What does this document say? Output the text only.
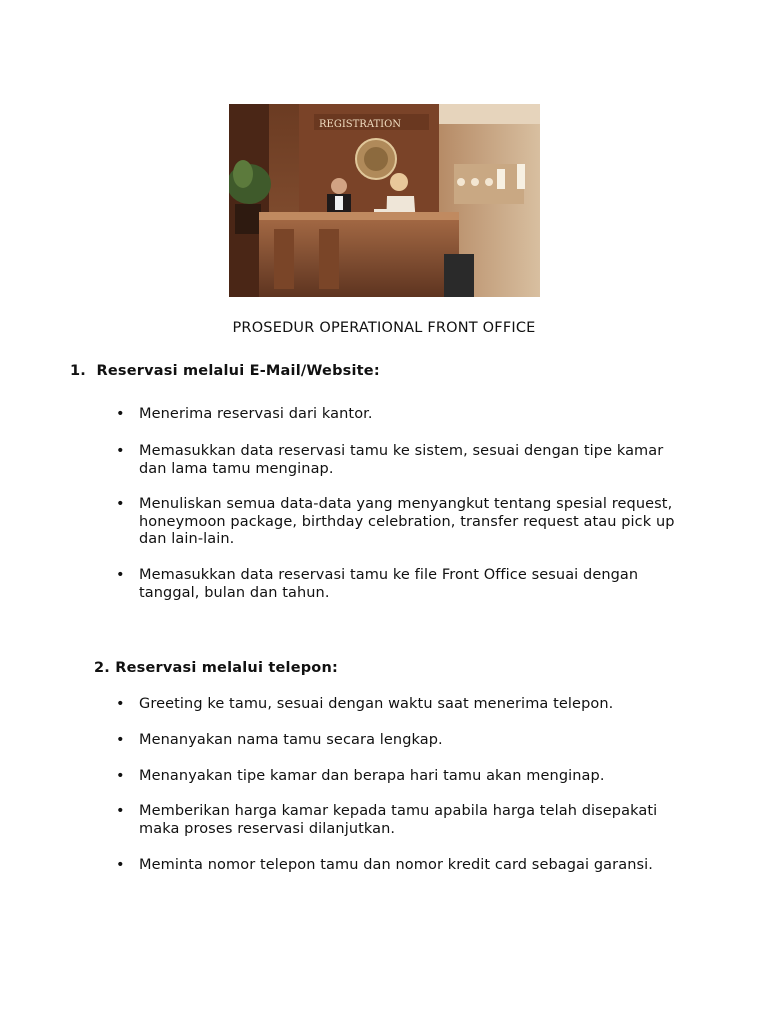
REGISTRATION
PROSEDUR OPERATIONAL FRONT OFFICE
1. Reservasi melalui E-Mail/Website:
• Menerima reservasi dari kantor.
• Memasukkan data reservasi tamu ke sistem, sesuai dengan tipe kamar dan lama tamu menginap.
• Menuliskan semua data-data yang menyangkut tentang spesial request, honeymoon package, birthday celebration, transfer request atau pick up dan lain-lain.
• Memasukkan data reservasi tamu ke file Front Office sesuai dengan tanggal, bulan dan tahun.
2. Reservasi melalui telepon:
• Greeting ke tamu, sesuai dengan waktu saat menerima telepon.
• Menanyakan nama tamu secara lengkap.
• Menanyakan tipe kamar dan berapa hari tamu akan menginap.
• Memberikan harga kamar kepada tamu apabila harga telah disepakati maka proses reservasi dilanjutkan.
• Meminta nomor telepon tamu dan nomor kredit card sebagai garansi.
